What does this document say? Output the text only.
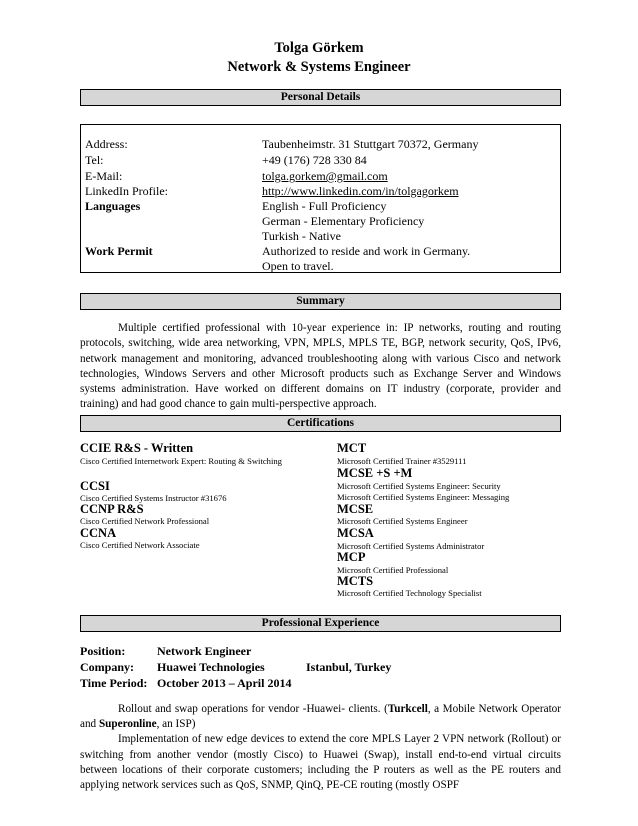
Tolga Görkem
Network & Systems Engineer
Personal Details
Address:	Taubenheimstr. 31 Stuttgart 70372, Germany
Tel:	+49 (176) 728 330 84
E-Mail:	tolga.gorkem@gmail.com
LinkedIn Profile:	http://www.linkedin.com/in/tolgagorkem
Languages	English - Full Proficiency
German - Elementary Proficiency
Turkish - Native
Work Permit	Authorized to reside and work in Germany.
Open to travel.
Summary
Multiple certified professional with 10-year experience in: IP networks, routing and routing protocols, switching, wide area networking, VPN, MPLS, MPLS TE, BGP, network security, QoS, IPv6, network management and monitoring, advanced troubleshooting along with various Cisco and network technologies, Windows Servers and other Microsoft products such as Exchange Server and Windows systems administration. Have worked on different domains on IT industry (corporate, provider and training) and had good chance to gain multi-perspective approach.
Certifications
CCIE R&S - Written
Cisco Certified Internetwork Expert: Routing & Switching
CCSI
Cisco Certified Systems Instructor #31676
CCNP R&S
Cisco Certified Network Professional
CCNA
Cisco Certified Network Associate
MCT
Microsoft Certified Trainer #3529111
MCSE +S +M
Microsoft Certified Systems Engineer: Security
Microsoft Certified Systems Engineer: Messaging
MCSE
Microsoft Certified Systems Engineer
MCSA
Microsoft Certified Systems Administrator
MCP
Microsoft Certified Professional
MCTS
Microsoft Certified Technology Specialist
Professional Experience
Position:	Network Engineer
Company: Huawei Technologies	Istanbul, Turkey
Time Period: October 2013 – April 2014
Rollout and swap operations for vendor -Huawei- clients. (Turkcell, a Mobile Network Operator and Superonline, an ISP)
Implementation of new edge devices to extend the core MPLS Layer 2 VPN network (Rollout) or switching from another vendor (mostly Cisco) to Huawei (Swap), install end-to-end virtual circuits between locations of their corporate customers; including the P routers as well as the PE routers and applying network services such as QoS, SNMP, QinQ, PE-CE routing (mostly OSPF
